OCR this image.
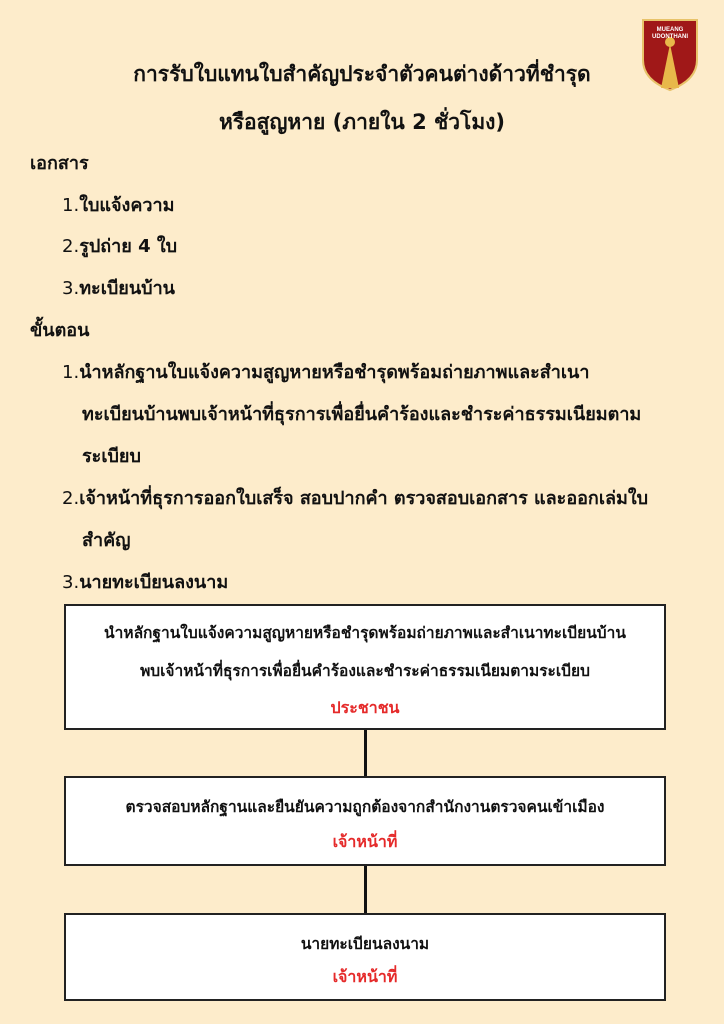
MUEANG
UDONTHANI
การรับใบแทนใบสำคัญประจำตัวคนต่างด้าวที่ชำรุด
หรือสูญหาย (ภายใน 2 ชั่วโมง)
เอกสาร
1.ใบแจ้งความ
2.รูปถ่าย 4 ใบ
3.ทะเบียนบ้าน
ขั้นตอน
1.นำหลักฐานใบแจ้งความสูญหายหรือชำรุดพร้อมถ่ายภาพและสำเนา
ทะเบียนบ้านพบเจ้าหน้าที่ธุรการเพื่อยื่นคำร้องและชำระค่าธรรมเนียมตาม
ระเบียบ
2.เจ้าหน้าที่ธุรการออกใบเสร็จ สอบปากคำ ตรวจสอบเอกสาร และออกเล่มใบ
สำคัญ
3.นายทะเบียนลงนาม
นำหลักฐานใบแจ้งความสูญหายหรือชำรุดพร้อมถ่ายภาพและสำเนาทะเบียนบ้าน
พบเจ้าหน้าที่ธุรการเพื่อยื่นคำร้องและชำระค่าธรรมเนียมตามระเบียบ
ประชาชน
ตรวจสอบหลักฐานและยืนยันความถูกต้องจากสำนักงานตรวจคนเข้าเมือง
เจ้าหน้าที่
นายทะเบียนลงนาม
เจ้าหน้าที่
